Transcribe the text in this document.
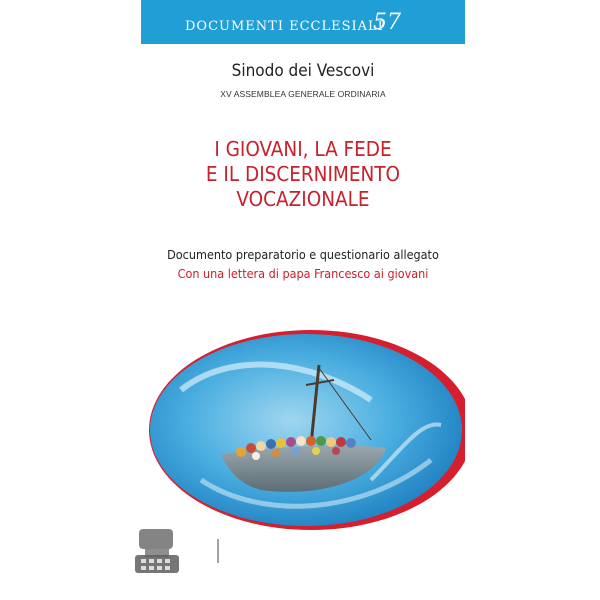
DOCUMENTI ECCLESIALI
57
Sinodo dei Vescovi
XV ASSEMBLEA GENERALE ORDINARIA
I GIOVANI, LA FEDE
E IL DISCERNIMENTO
VOCAZIONALE
Documento preparatorio e questionario allegato
Con una lettera di papa Francesco ai giovani
LIBRERIE di ROMA
